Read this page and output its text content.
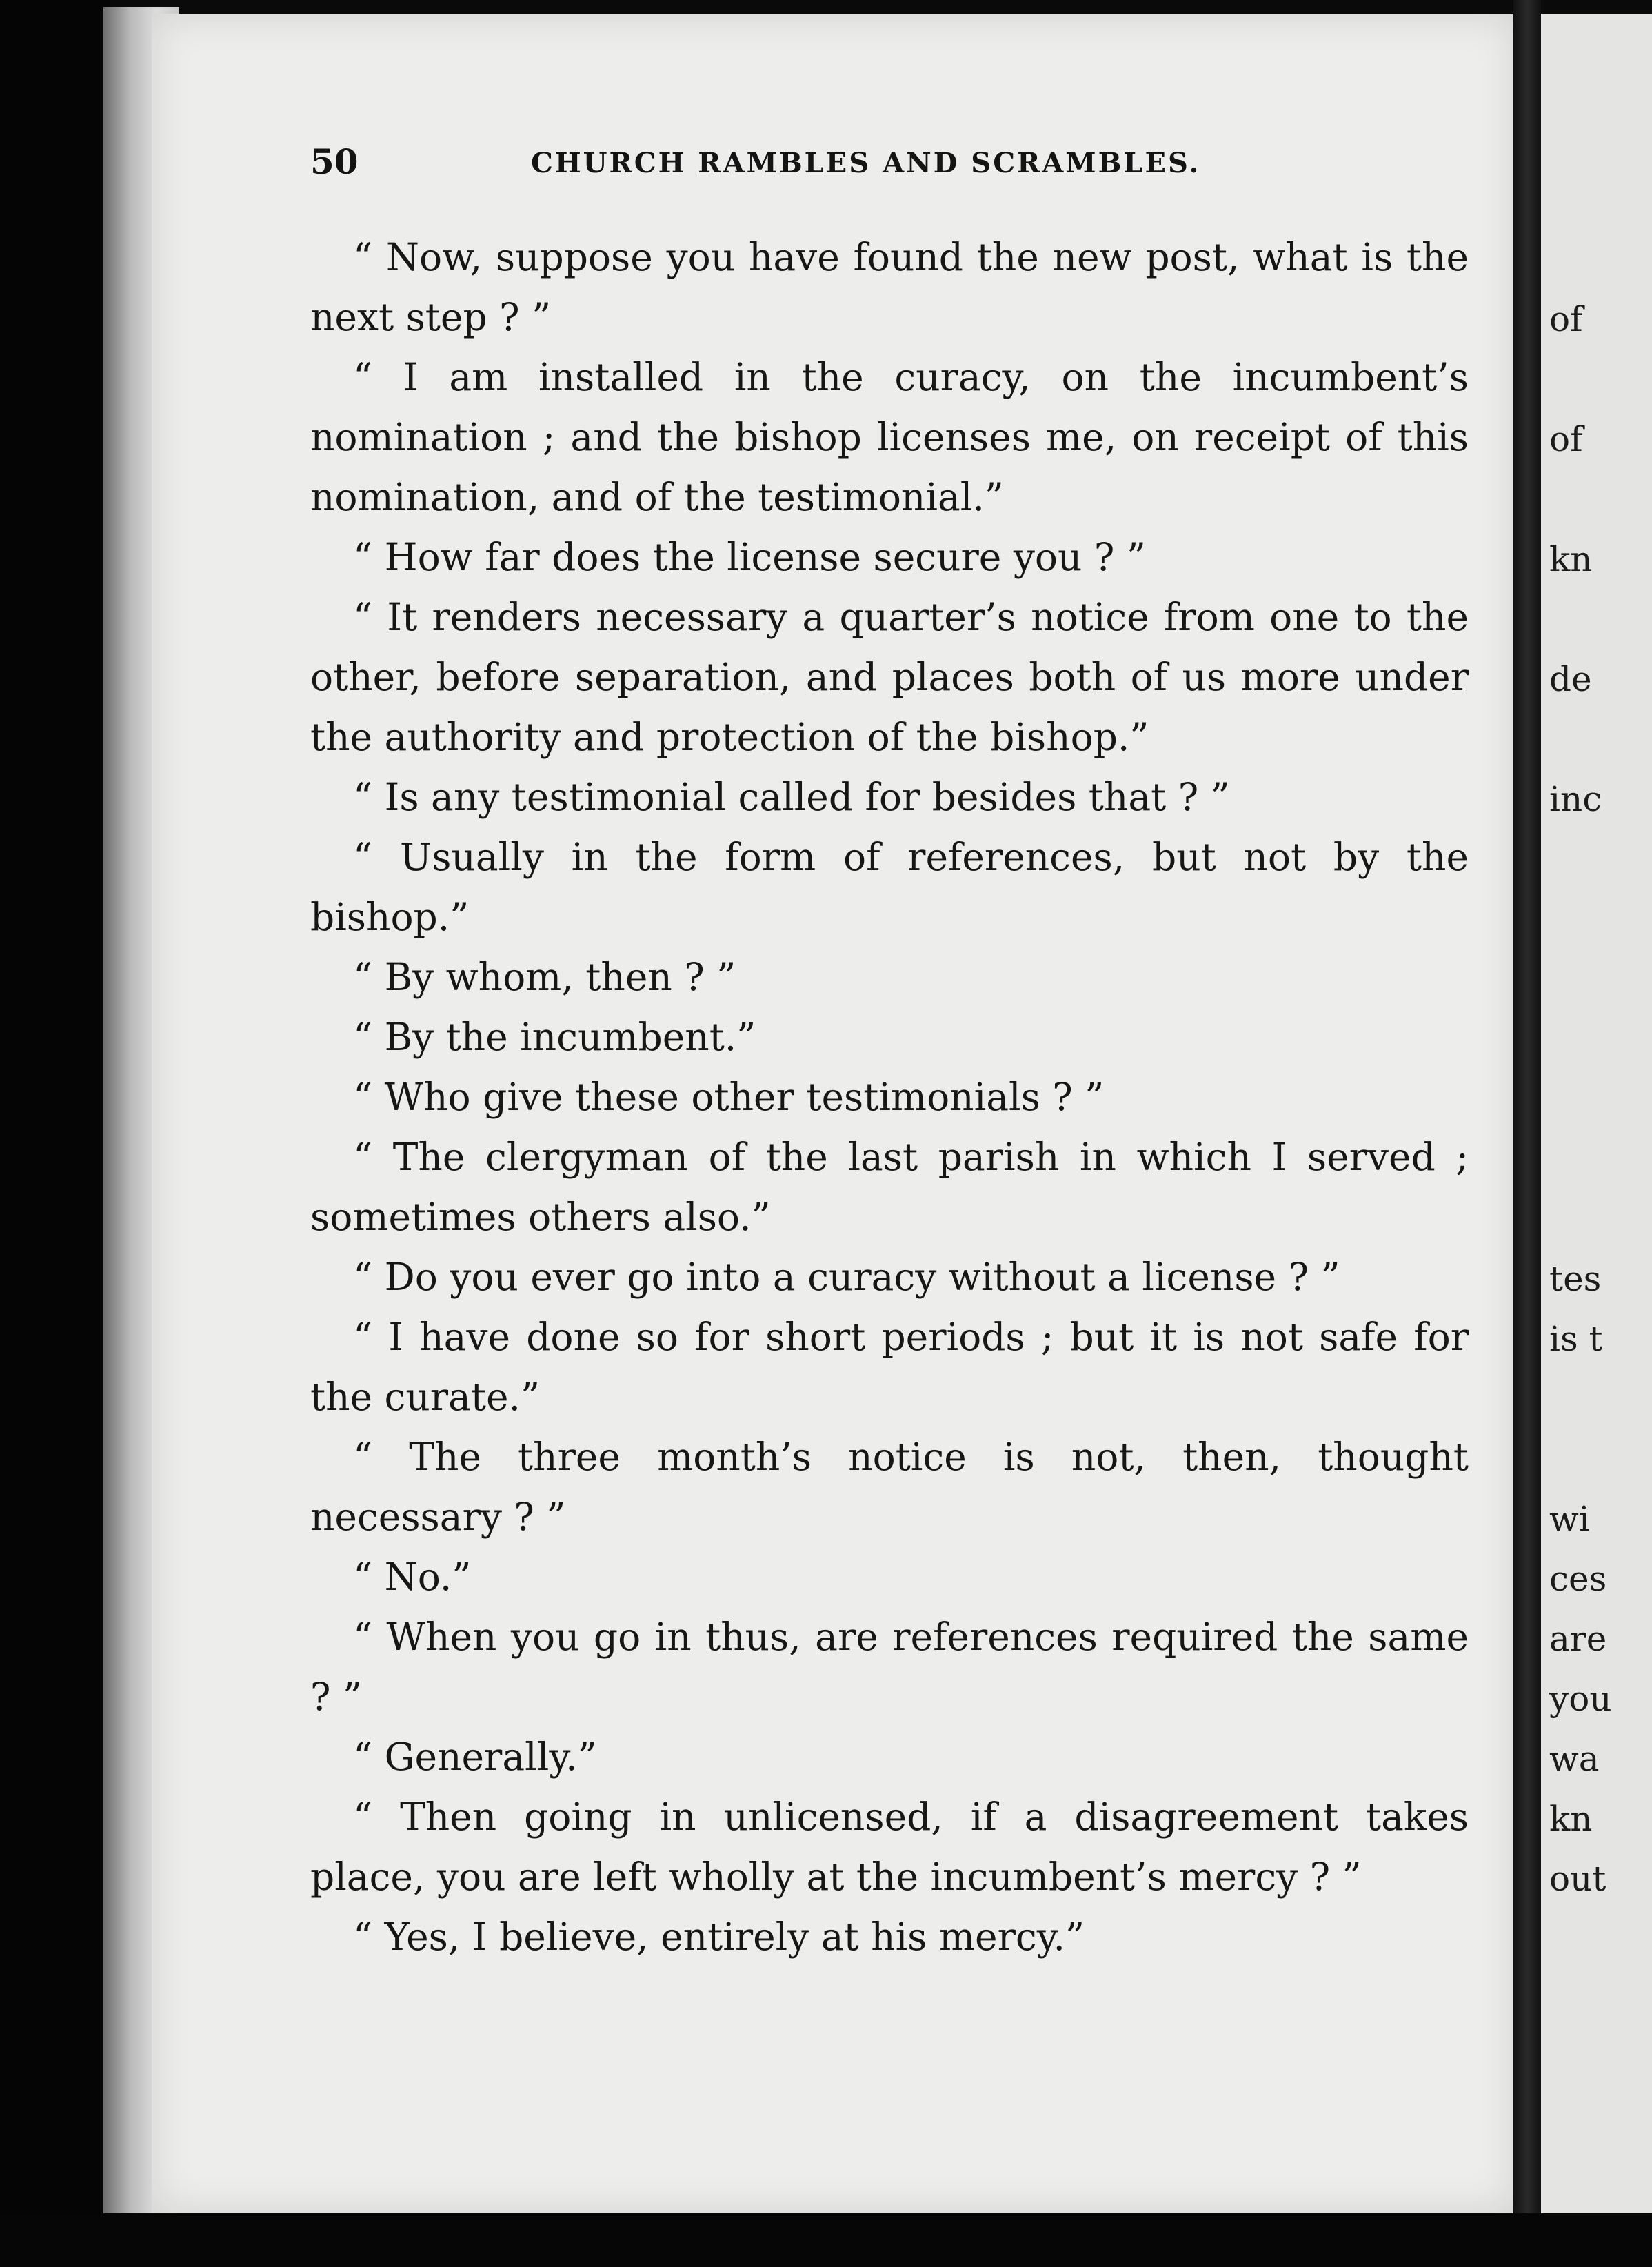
50	CHURCH RAMBLES AND SCRAMBLES.

“ Now, suppose you have found the new post, what is the next step ? ”

“ I am installed in the curacy, on the incumbent’s nomination ; and the bishop licenses me, on receipt of this nomination, and of the testimonial.”

“ How far does the license secure you ? ”

“ It renders necessary a quarter’s notice from one to the other, before separation, and places both of us more under the authority and protection of the bishop.”

“ Is any testimonial called for besides that ? ”

“ Usually in the form of references, but not by the bishop.”

“ By whom, then ? ”

“ By the incumbent.”

“ Who give these other testimonials ? ”

“ The clergyman of the last parish in which I served ; sometimes others also.”

“ Do you ever go into a curacy without a license ? ”

“ I have done so for short periods ; but it is not safe for the curate.”

“ The three month’s notice is not, then, thought necessary ? ”

“ No.”

“ When you go in thus, are references required the same ? ”

“ Generally.”

“ Then going in unlicensed, if a disagreement takes place, you are left wholly at the incumbent’s mercy ? ”

“ Yes, I believe, entirely at his mercy.”

of
of
kn
de
inc
tes
is t
wi
ces
are
you
wa
kn
out
